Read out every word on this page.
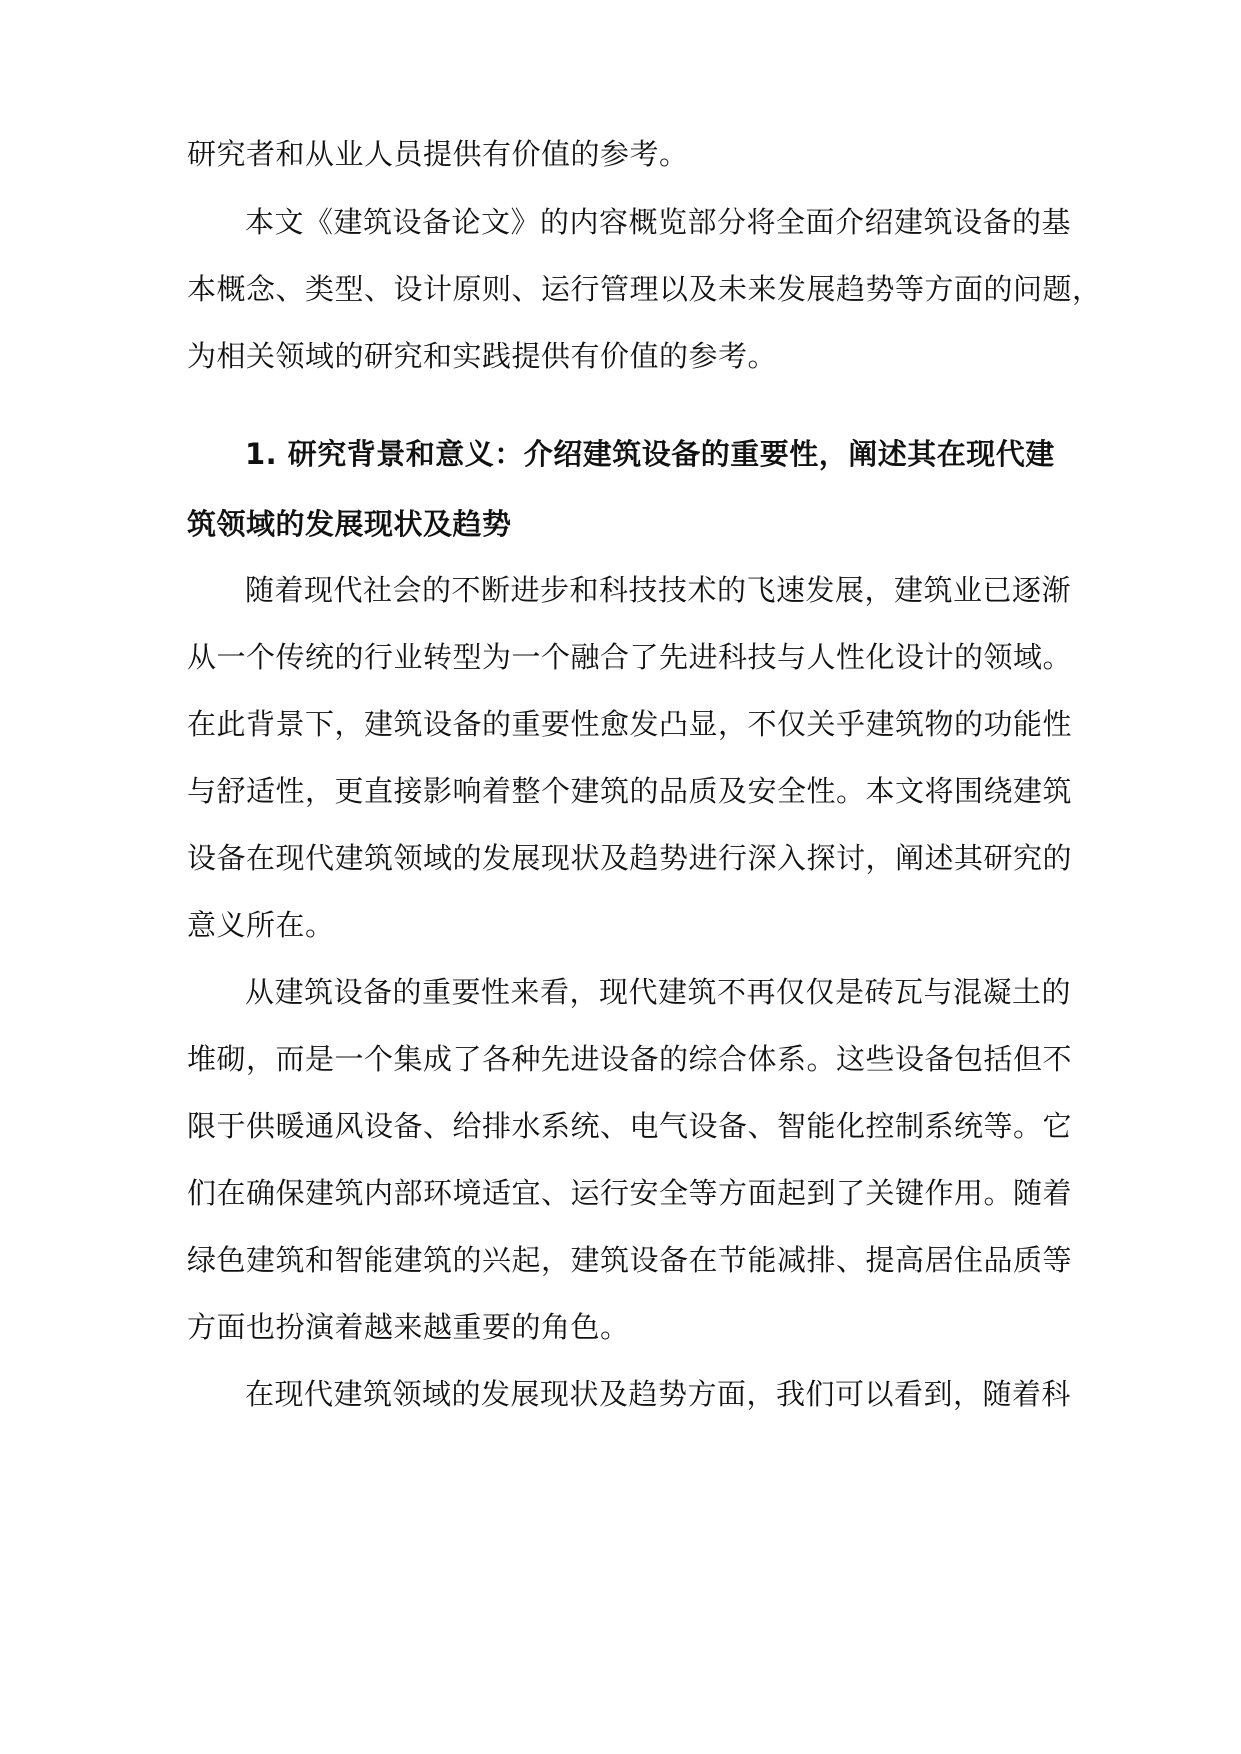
研究者和从业人员提供有价值的参考。
本文《建筑设备论文》的内容概览部分将全面介绍建筑设备的基
本概念、类型、设计原则、运行管理以及未来发展趋势等方面的问题，
为相关领域的研究和实践提供有价值的参考。
1. 研究背景和意义：介绍建筑设备的重要性，阐述其在现代建
筑领域的发展现状及趋势
随着现代社会的不断进步和科技技术的飞速发展，建筑业已逐渐
从一个传统的行业转型为一个融合了先进科技与人性化设计的领域。
在此背景下，建筑设备的重要性愈发凸显，不仅关乎建筑物的功能性
与舒适性，更直接影响着整个建筑的品质及安全性。本文将围绕建筑
设备在现代建筑领域的发展现状及趋势进行深入探讨，阐述其研究的
意义所在。
从建筑设备的重要性来看，现代建筑不再仅仅是砖瓦与混凝土的
堆砌，而是一个集成了各种先进设备的综合体系。这些设备包括但不
限于供暖通风设备、给排水系统、电气设备、智能化控制系统等。它
们在确保建筑内部环境适宜、运行安全等方面起到了关键作用。随着
绿色建筑和智能建筑的兴起，建筑设备在节能减排、提高居住品质等
方面也扮演着越来越重要的角色。
在现代建筑领域的发展现状及趋势方面，我们可以看到，随着科
